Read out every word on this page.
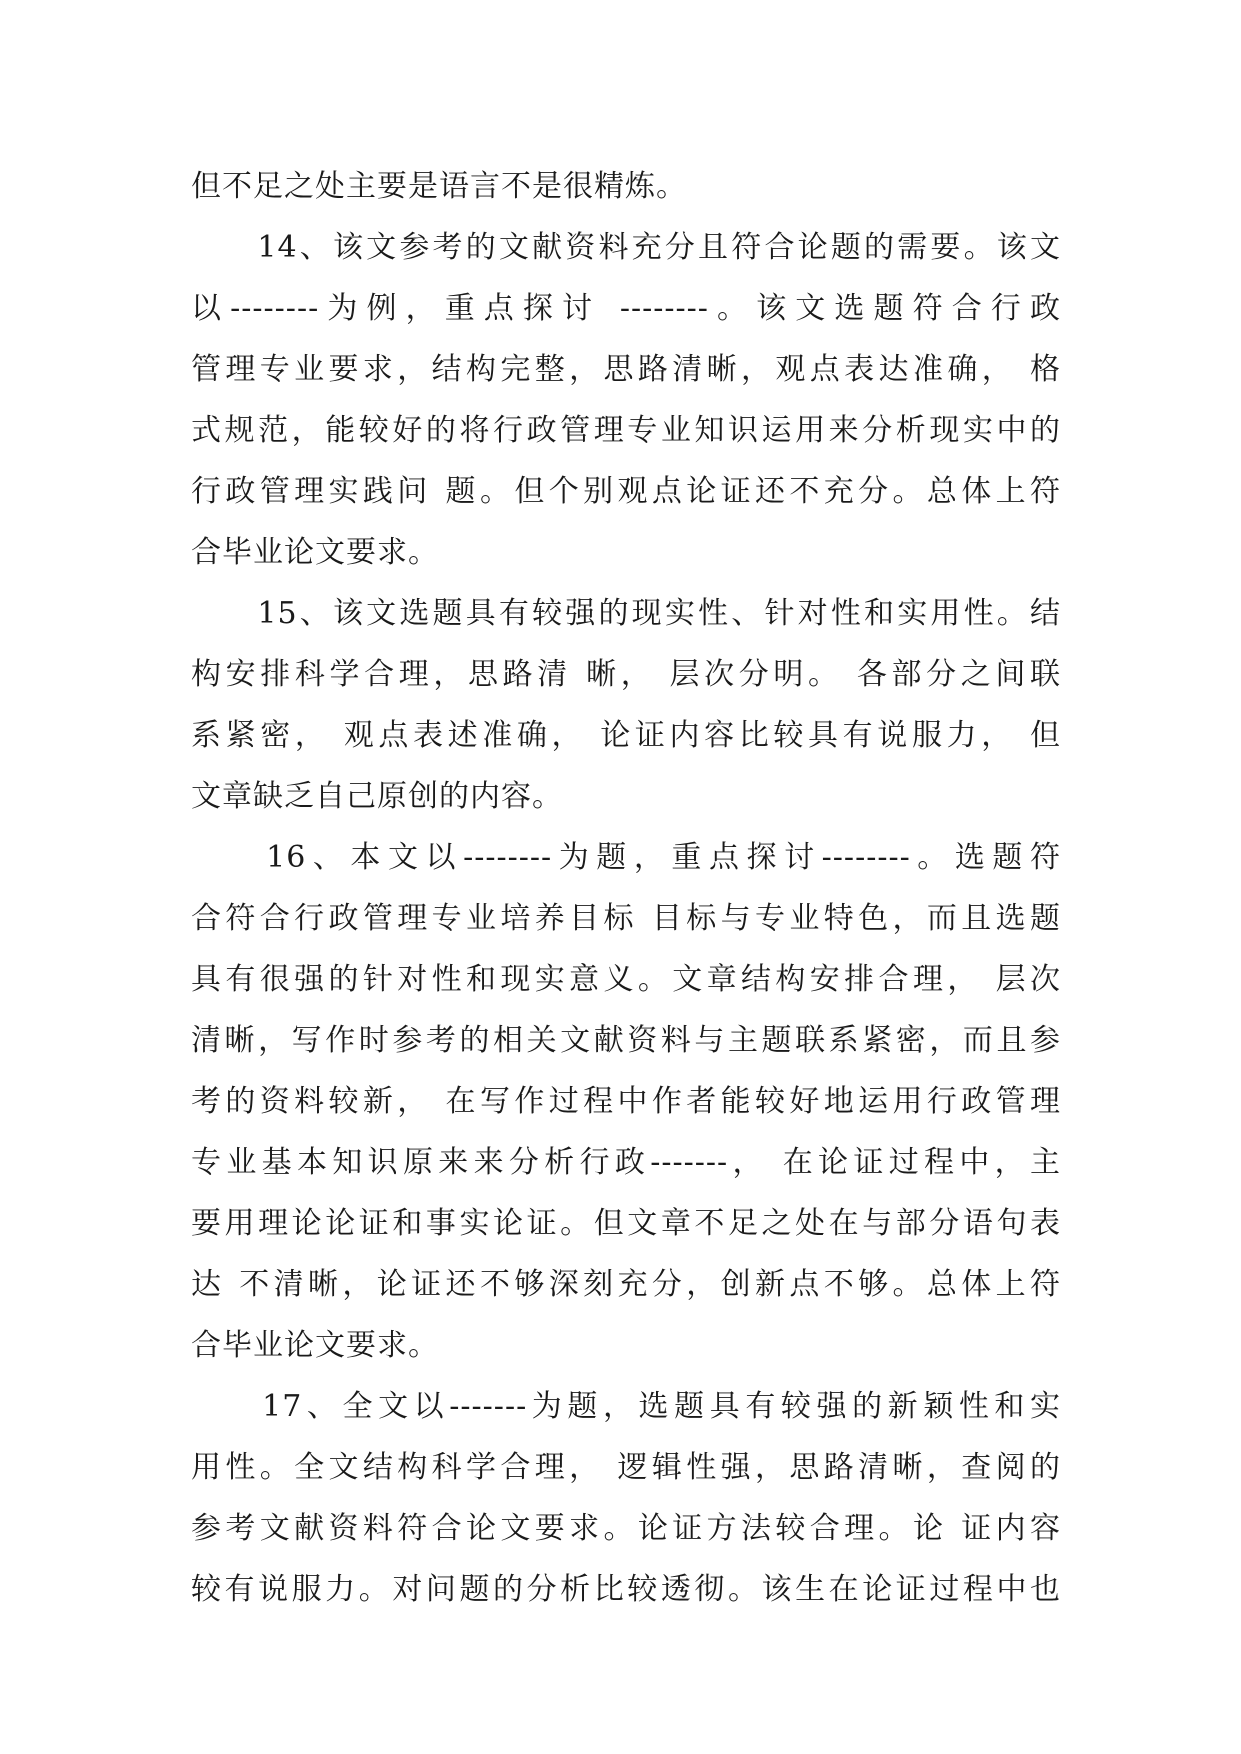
但不足之处主要是语言不是很精炼。
　　14、该文参考的文献资料充分且符合论题的需要。该文
以--------为例，重点探讨 --------。该文选题符合行政
管理专业要求，结构完整，思路清晰，观点表达准确， 格
式规范，能较好的将行政管理专业知识运用来分析现实中的
行政管理实践问 题。但个别观点论证还不充分。总体上符
合毕业论文要求。
　　15、该文选题具有较强的现实性、针对性和实用性。结
构安排科学合理，思路清 晰， 层次分明。 各部分之间联
系紧密， 观点表述准确， 论证内容比较具有说服力， 但
文章缺乏自己原创的内容。
　　16、本文以--------为题，重点探讨--------。选题符
合符合行政管理专业培养目标 目标与专业特色，而且选题
具有很强的针对性和现实意义。文章结构安排合理， 层次
清晰，写作时参考的相关文献资料与主题联系紧密，而且参
考的资料较新， 在写作过程中作者能较好地运用行政管理
专业基本知识原来来分析行政-------， 在论证过程中，主
要用理论论证和事实论证。但文章不足之处在与部分语句表
达 不清晰，论证还不够深刻充分，创新点不够。总体上符
合毕业论文要求。
　　17、全文以-------为题，选题具有较强的新颖性和实
用性。全文结构科学合理， 逻辑性强，思路清晰，查阅的
参考文献资料符合论文要求。论证方法较合理。论 证内容
较有说服力。对问题的分析比较透彻。该生在论证过程中也
